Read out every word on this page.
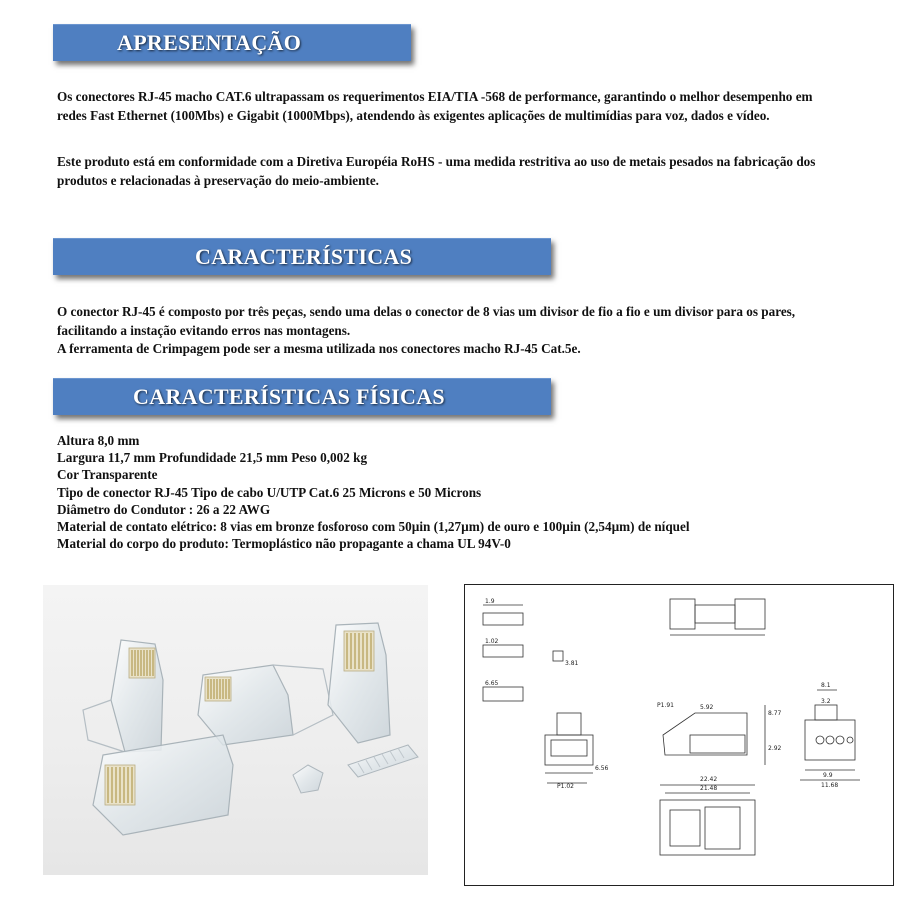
APRESENTAÇÃO

Os conectores RJ-45 macho CAT.6 ultrapassam os requerimentos EIA/TIA -568 de performance, garantindo o melhor desempenho em redes Fast Ethernet (100Mbs) e Gigabit (1000Mbps), atendendo às exigentes aplicações de multimídias para voz, dados e vídeo.

Este produto está em conformidade com a Diretiva Européia RoHS - uma medida restritiva ao uso de metais pesados na fabricação dos produtos e relacionadas à preservação do meio-ambiente.

CARACTERÍSTICAS

O conector RJ-45 é composto por três peças, sendo uma delas o conector de 8 vias um divisor de fio a fio e um divisor para os pares, facilitando a instação evitando erros nas montagens.
A ferramenta de Crimpagem pode ser a mesma utilizada nos conectores macho RJ-45 Cat.5e.

CARACTERÍSTICAS FÍSICAS
Altura 8,0 mm
Largura 11,7 mm Profundidade 21,5 mm Peso 0,002 kg
Cor Transparente
Tipo de conector RJ-45 Tipo de cabo U/UTP Cat.6 25 Microns e 50 Microns
Diâmetro do Condutor : 26 a 22 AWG
Material de contato elétrico: 8 vias em bronze fosforoso com 50µin (1,27µm) de ouro e 100µin (2,54µm) de níquel
Material do corpo do produto: Termoplástico não propagante a chama UL 94V-0
22.42
21.48
6.56
P1.02
5.92
8.77
2.92
P1.91
8.1
3.2
9.9
11.68
1.9
1.02
3.81
6.65
